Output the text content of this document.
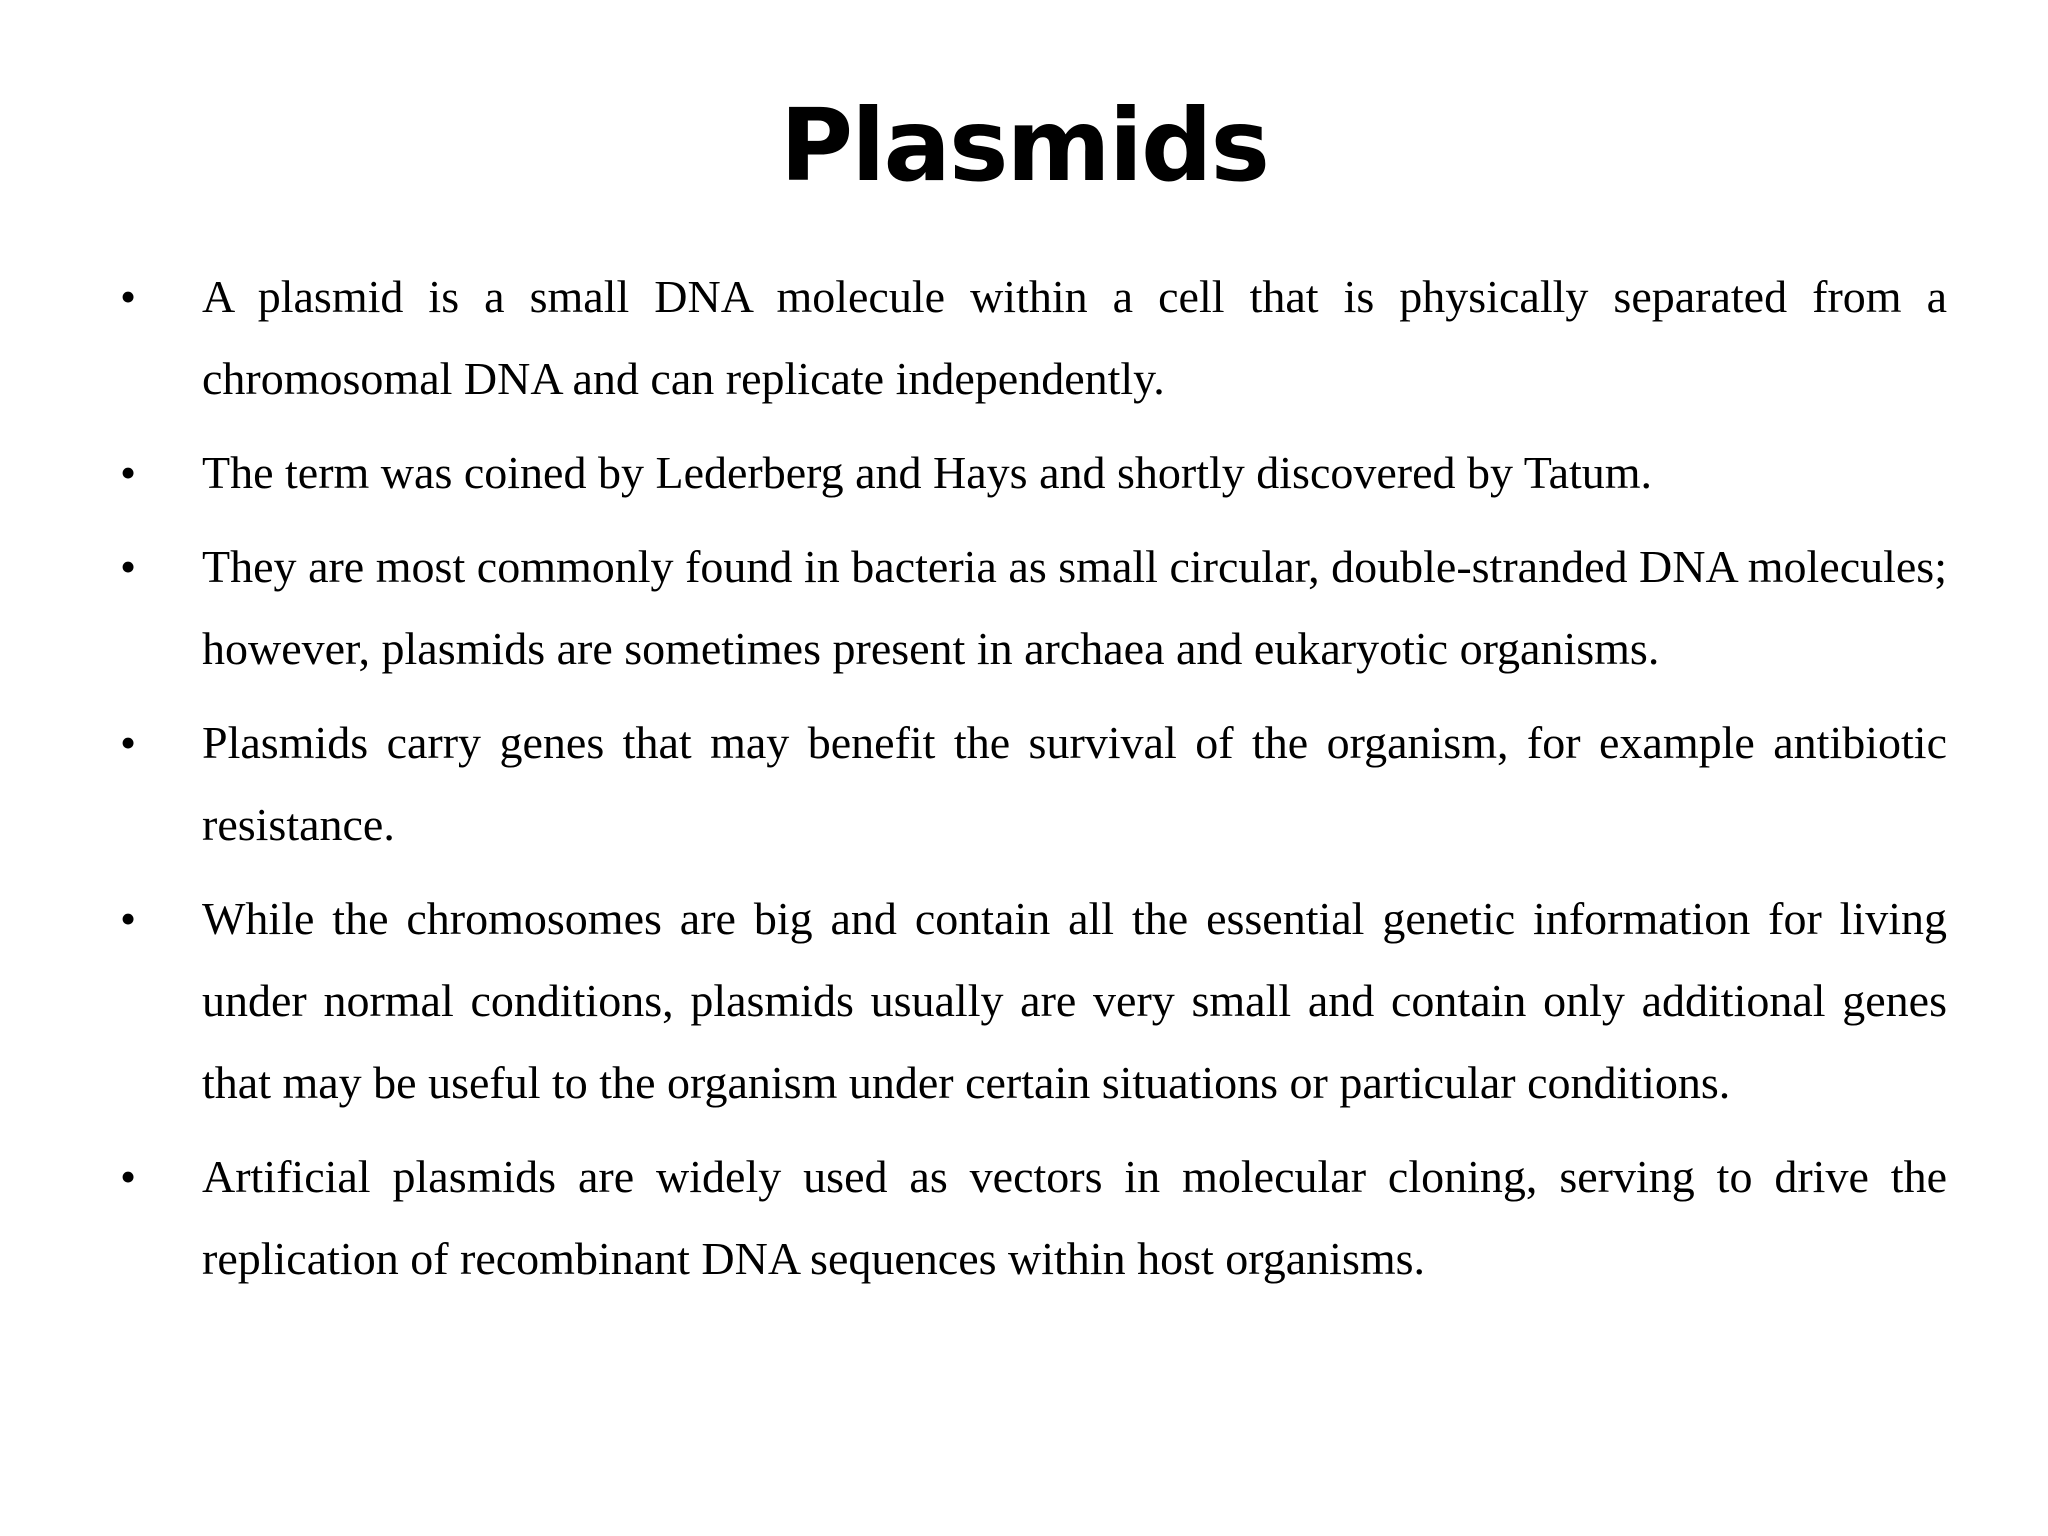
Plasmids
•	A plasmid is a small DNA molecule within a cell that is physically separated from a chromosomal DNA and can replicate independently.
•	The term was coined by Lederberg and Hays and shortly discovered by Tatum.
•	They are most commonly found in bacteria as small circular, double-stranded DNA molecules; however, plasmids are sometimes present in archaea and eukaryotic organisms.
•	Plasmids carry genes that may benefit the survival of the organism, for example antibiotic resistance.
•	While the chromosomes are big and contain all the essential genetic information for living under normal conditions, plasmids usually are very small and contain only additional genes that may be useful to the organism under certain situations or particular conditions.
•	Artificial plasmids are widely used as vectors in molecular cloning, serving to drive the replication of recombinant DNA sequences within host organisms.
